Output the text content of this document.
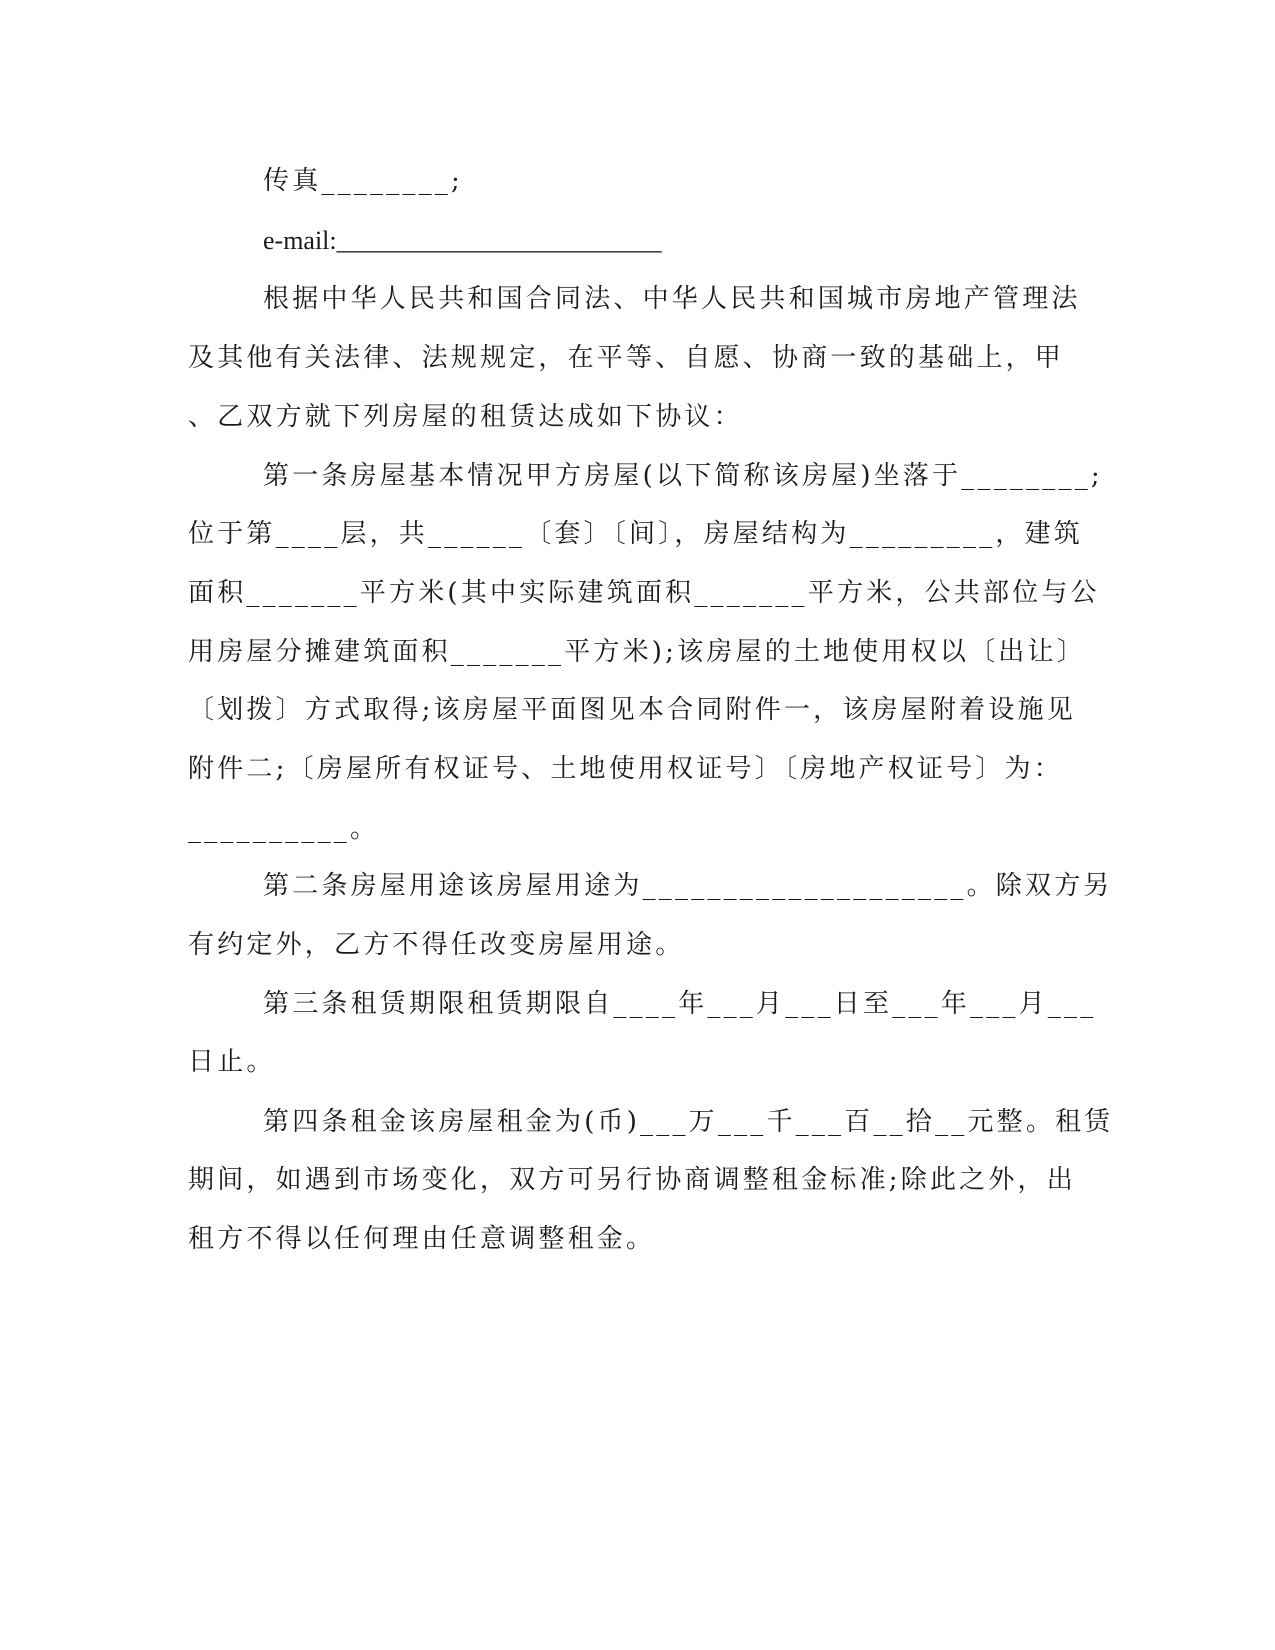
传真________;
e-mail:_________________________
根据中华人民共和国合同法、中华人民共和国城市房地产管理法
及其他有关法律、法规规定，在平等、自愿、协商一致的基础上，甲
、乙双方就下列房屋的租赁达成如下协议：
第一条房屋基本情况甲方房屋(以下简称该房屋)坐落于________;
位于第____层，共______〔套〕〔间〕，房屋结构为_________，建筑
面积_______平方米(其中实际建筑面积_______平方米，公共部位与公
用房屋分摊建筑面积_______平方米);该房屋的土地使用权以〔出让〕
〔划拨〕方式取得;该房屋平面图见本合同附件一，该房屋附着设施见
附件二;〔房屋所有权证号、土地使用权证号〕〔房地产权证号〕为：
__________。
第二条房屋用途该房屋用途为____________________。除双方另
有约定外，乙方不得任改变房屋用途。
第三条租赁期限租赁期限自____年___月___日至___年___月___
日止。
第四条租金该房屋租金为(币)___万___千___百__拾__元整。租赁
期间，如遇到市场变化，双方可另行协商调整租金标准;除此之外，出
租方不得以任何理由任意调整租金。
